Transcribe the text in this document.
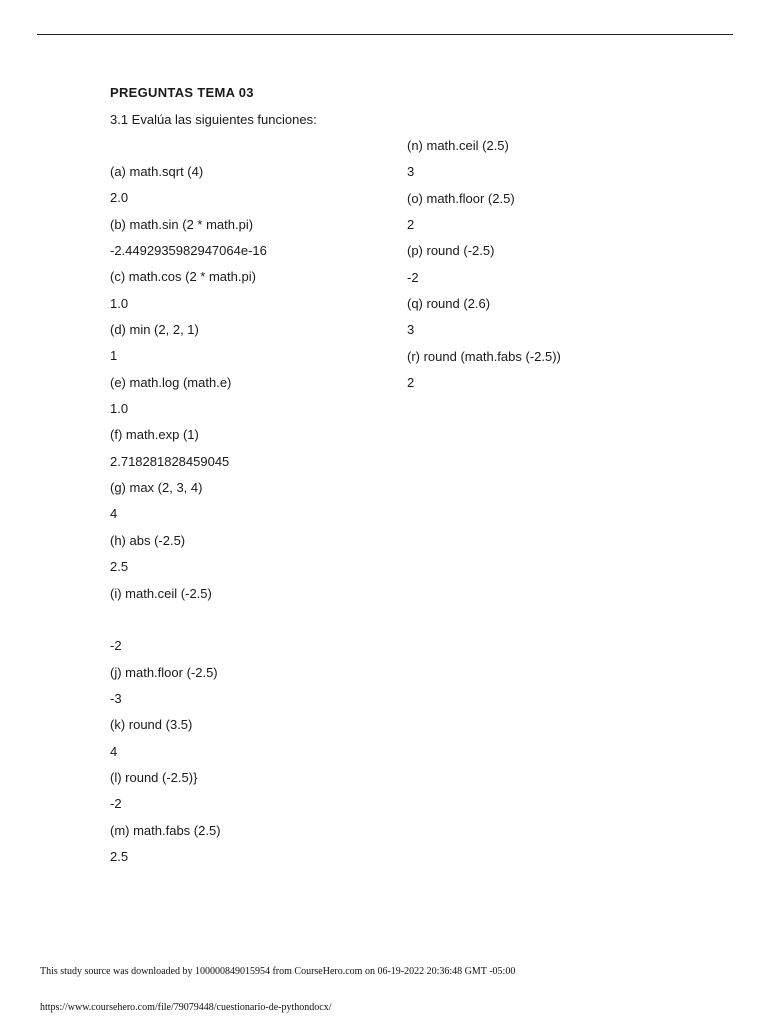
PREGUNTAS TEMA 03
3.1 Evalúa las siguientes funciones:
(a) math.sqrt (4)
2.0
(b) math.sin (2 * math.pi)
-2.4492935982947064e-16
(c) math.cos (2 * math.pi)
1.0
(d) min (2, 2, 1)
1
(e) math.log (math.e)
1.0
(f) math.exp (1)
2.718281828459045
(g) max (2, 3, 4)
4
(h) abs (-2.5)
2.5
(i) math.ceil (-2.5)
-2
(j) math.floor (-2.5)
-3
(k) round (3.5)
4
(l) round (-2.5)}
-2
(m) math.fabs (2.5)
2.5
(n) math.ceil (2.5)
3
(o) math.floor (2.5)
2
(p) round (-2.5)
-2
(q) round (2.6)
3
(r) round (math.fabs (-2.5))
2
This study source was downloaded by 100000849015954 from CourseHero.com on 06-19-2022 20:36:48 GMT -05:00
https://www.coursehero.com/file/79079448/cuestionario-de-pythondocx/
